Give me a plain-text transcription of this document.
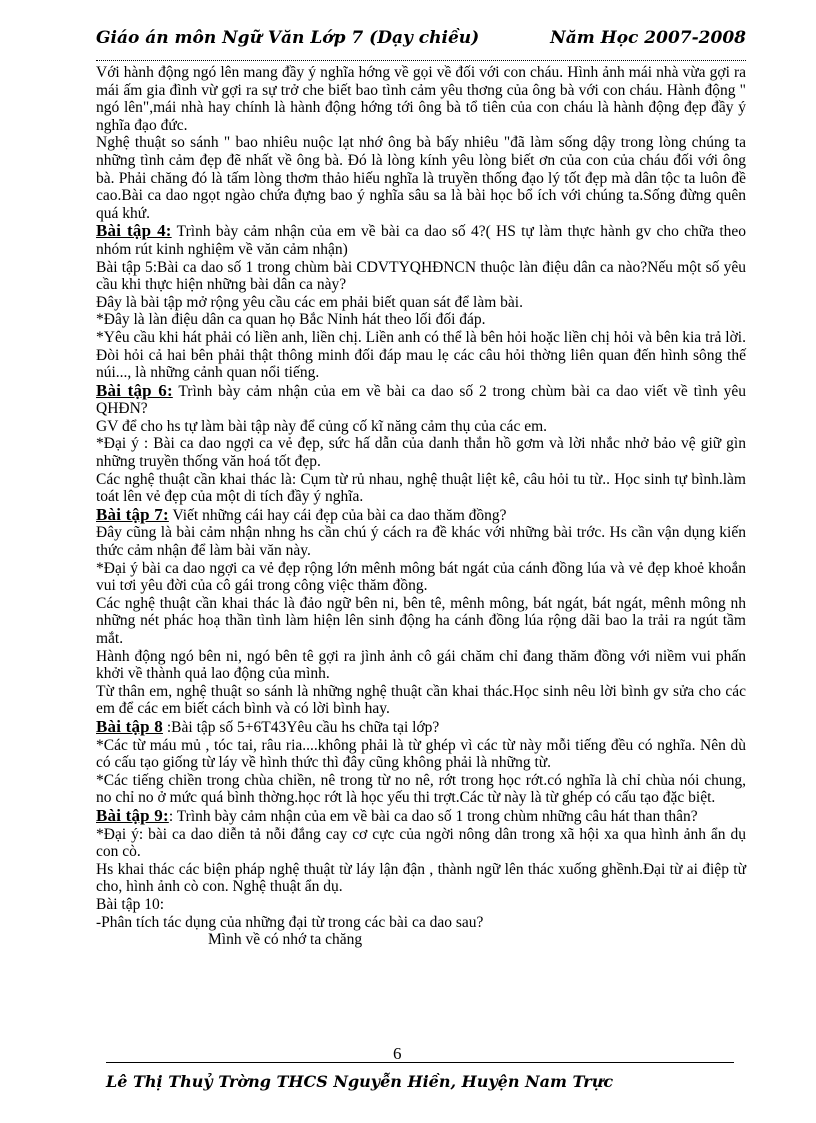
Giáo án môn Ngữ Văn Lớp 7 (Dạy chiều)	Năm Học 2007-2008

Với hành động ngó lên mang đầy ý nghĩa hớng về gọi về đối với con cháu. Hình ảnh mái nhà vừa gợi ra mái ấm gia đình vừ gợi ra sự trở che biết bao tình cảm yêu thơng của ông bà với con cháu. Hành động " ngó lên",mái nhà hay chính là hành động hớng tới ông bà tổ tiên của con cháu là hành động đẹp đầy ý nghĩa đạo đức.

Nghệ thuật so sánh " bao nhiêu nuộc lạt nhớ ông bà bấy nhiêu "đã làm sống dậy trong lòng chúng ta những tình cảm đẹp đẽ nhất về ông bà. Đó là lòng kính yêu lòng biết ơn của con của cháu đối với ông bà. Phải chăng đó là tấm lòng thơm thảo hiếu nghĩa là truyền thống đạo lý tốt đẹp mà dân tộc ta luôn đề cao.Bài ca dao ngọt ngào chứa đựng bao ý nghĩa sâu sa là bài học bổ ích với chúng ta.Sống đừng quên quá khứ.

Bài tập 4: Trình bày cảm nhận của em về bài ca dao số 4?( HS tự làm thực hành gv cho chữa theo nhóm rút kinh nghiệm về văn cảm nhận)

Bài tập 5:Bài ca dao số 1 trong chùm bài CDVTYQHĐNCN thuộc làn điệu dân ca nào?Nếu một số yêu cầu khi thực hiện những bài dân ca này?

Đây là bài tập mở rộng yêu cầu các em phải biết quan sát để làm bài.

*Đây là làn điệu dân ca quan họ Bắc Ninh hát theo lối đối đáp.

*Yêu cầu khi hát phải có liền anh, liền chị. Liền anh có thể là bên hỏi hoặc liền chị hỏi và bên kia trả lời. Đòi hỏi cả hai bên phải thật thông minh đối đáp mau lẹ các câu hỏi thờng liên quan đến hình sông thế núi..., là những cảnh quan nổi tiếng.

Bài tập 6: Trình bày cảm nhận của em về bài ca dao số 2 trong chùm bài ca dao viết về tình yêu QHĐN?

GV để cho hs tự làm bài tập này để củng cố kĩ năng cảm thụ của các em.

*Đại ý : Bài ca dao ngợi ca vẻ đẹp, sức hấ dẫn của danh thắn hồ gơm và lời nhắc nhở bảo vệ giữ gìn những truyền thống văn hoá tốt đẹp.

Các nghệ thuật cần khai thác là: Cụm từ rủ nhau, nghệ thuật liệt kê, câu hỏi tu từ.. Học sinh tự bình.làm toát lên vẻ đẹp của một di tích đầy ý nghĩa.

Bài tập 7: Viết những cái hay cái đẹp của bài ca dao thăm đồng?

Đây cũng là bài cảm nhận nhng hs cần chú ý cách ra đề khác với những bài trớc. Hs cần vận dụng kiến thức cảm nhận để làm bài văn này.

*Đại ý bài ca dao ngợi ca vẻ đẹp rộng lớn mênh mông bát ngát của cánh đồng lúa và vẻ đẹp khoẻ khoắn vui tơi yêu đời của cô gái trong công việc thăm đồng.

Các nghệ thuật cần khai thác là đảo ngữ bên ni, bên tê, mênh mông, bát ngát, bát ngát, mênh mông nh những nét phác hoạ thần tình làm hiện lên sinh động ha cánh đồng lúa rộng dãi bao la trải ra ngút tầm mắt.

Hành động ngó bên ni, ngó bên tê gợi ra jình ảnh cô gái chăm chỉ đang thăm đồng với niềm vui phấn khởi về thành quả lao động của mình.

Từ thân em, nghệ thuật so sánh là những nghệ thuật cần khai thác.Học sinh nêu lời bình gv sửa cho các em để các em biết cách bình và có lời bình hay.

Bài tập 8 :Bài tập số 5+6T43Yêu cầu hs chữa tại lớp?

*Các từ máu mủ , tóc tai, râu ria....không phải là từ ghép vì các từ này mỗi tiếng đều có nghĩa. Nên dù có cấu tạo giống từ láy về hình thức thì đây cũng không phải là những từ.

*Các tiếng chiền trong chùa chiền, nê trong từ no nê, rớt trong học rớt.có nghĩa là chỉ chùa nói chung, no chỉ no ở mức quá bình thờng.học rớt là học yếu thi trợt.Các từ này là từ ghép có cấu tạo đặc biệt.

Bài tập 9:: Trình bày cảm nhận của em về bài ca dao số 1 trong chùm những câu hát than thân?

*Đại ý: bài ca dao diễn tả nỗi đắng cay cơ cực của ngời nông dân trong xã hội xa qua hình ảnh ẩn dụ con cò.

Hs khai thác các biện pháp nghệ thuật từ láy lận đận , thành ngữ lên thác xuống ghềnh.Đại từ ai điệp từ cho, hình ảnh cò con. Nghệ thuật ẩn dụ.

Bài tập 10:

-Phân tích tác dụng của những đại từ trong các bài ca dao sau?

Mình về có nhớ ta chăng

6
Lê Thị Thuỷ Trờng THCS Nguyễn Hiền, Huyện Nam Trực
